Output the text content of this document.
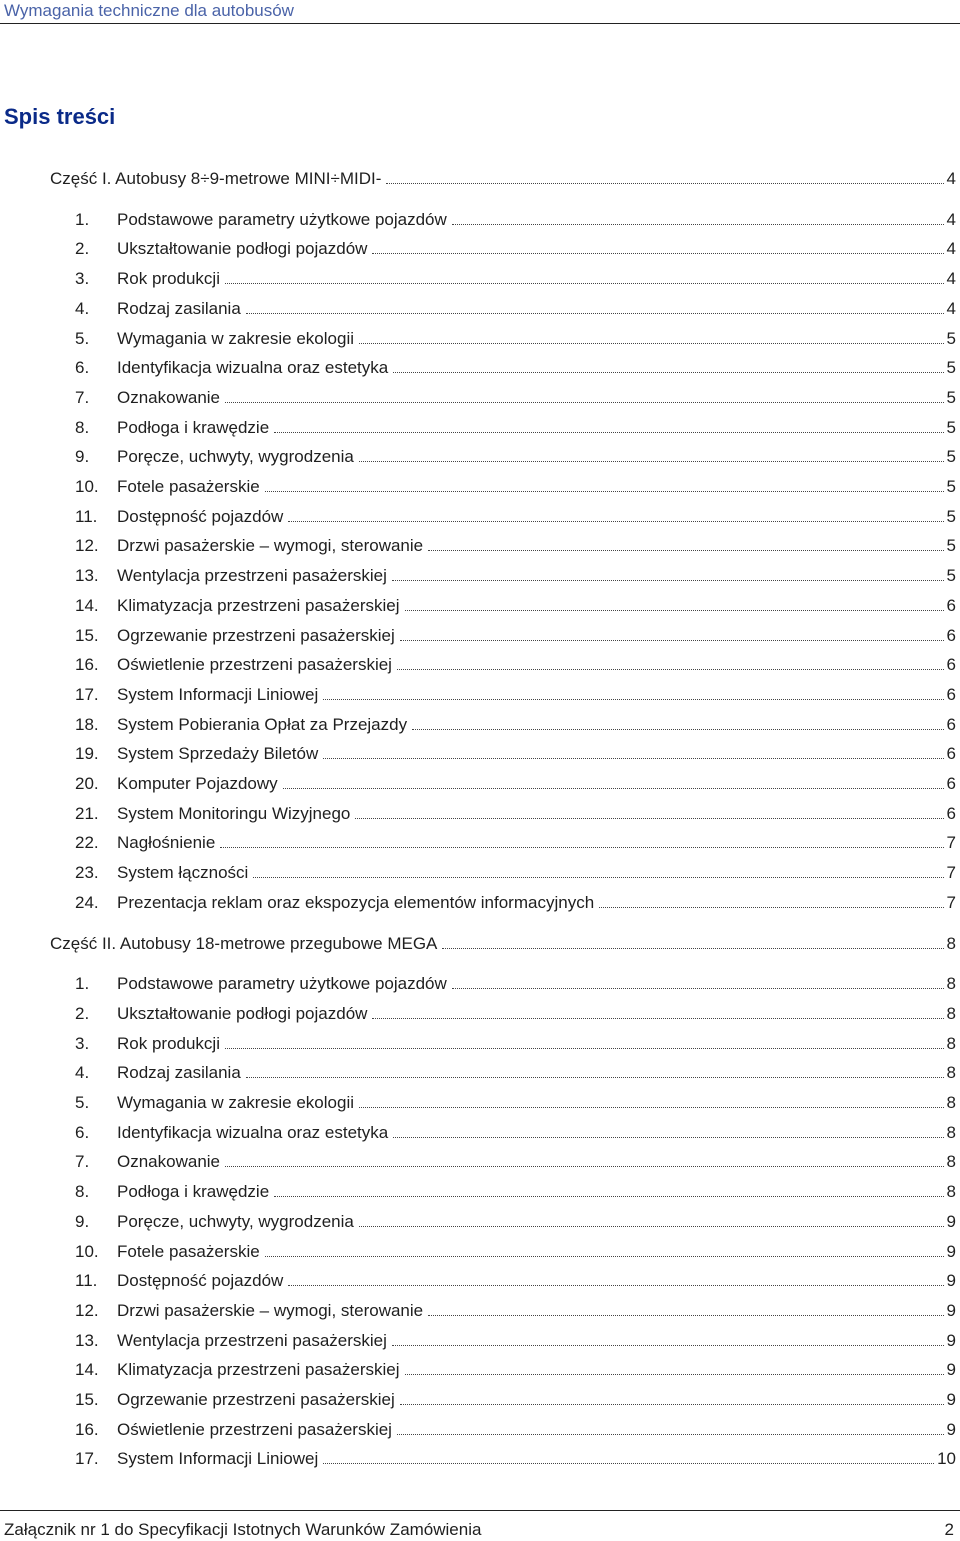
Wymagania techniczne dla autobusów
Spis treści
Część I. Autobusy 8÷9-metrowe MINI÷MIDI-	4
1.	Podstawowe parametry użytkowe pojazdów	4
2.	Ukształtowanie podłogi pojazdów	4
3.	Rok produkcji	4
4.	Rodzaj zasilania	4
5.	Wymagania w zakresie ekologii	5
6.	Identyfikacja wizualna oraz estetyka	5
7.	Oznakowanie	5
8.	Podłoga i krawędzie	5
9.	Poręcze, uchwyty, wygrodzenia	5
10.	Fotele pasażerskie	5
11.	Dostępność pojazdów	5
12.	Drzwi pasażerskie – wymogi, sterowanie	5
13.	Wentylacja przestrzeni pasażerskiej	5
14.	Klimatyzacja przestrzeni pasażerskiej	6
15.	Ogrzewanie przestrzeni pasażerskiej	6
16.	Oświetlenie przestrzeni pasażerskiej	6
17.	System Informacji Liniowej	6
18.	System Pobierania Opłat za Przejazdy	6
19.	System Sprzedaży Biletów	6
20.	Komputer Pojazdowy	6
21.	System Monitoringu Wizyjnego	6
22.	Nagłośnienie	7
23.	System łączności	7
24.	Prezentacja reklam oraz ekspozycja elementów informacyjnych	7
Część II. Autobusy 18-metrowe przegubowe MEGA	8
1.	Podstawowe parametry użytkowe pojazdów	8
2.	Ukształtowanie podłogi pojazdów	8
3.	Rok produkcji	8
4.	Rodzaj zasilania	8
5.	Wymagania w zakresie ekologii	8
6.	Identyfikacja wizualna oraz estetyka	8
7.	Oznakowanie	8
8.	Podłoga i krawędzie	8
9.	Poręcze, uchwyty, wygrodzenia	9
10.	Fotele pasażerskie	9
11.	Dostępność pojazdów	9
12.	Drzwi pasażerskie – wymogi, sterowanie	9
13.	Wentylacja przestrzeni pasażerskiej	9
14.	Klimatyzacja przestrzeni pasażerskiej	9
15.	Ogrzewanie przestrzeni pasażerskiej	9
16.	Oświetlenie przestrzeni pasażerskiej	9
17.	System Informacji Liniowej	10
Załącznik nr 1 do Specyfikacji Istotnych Warunków Zamówienia	2
